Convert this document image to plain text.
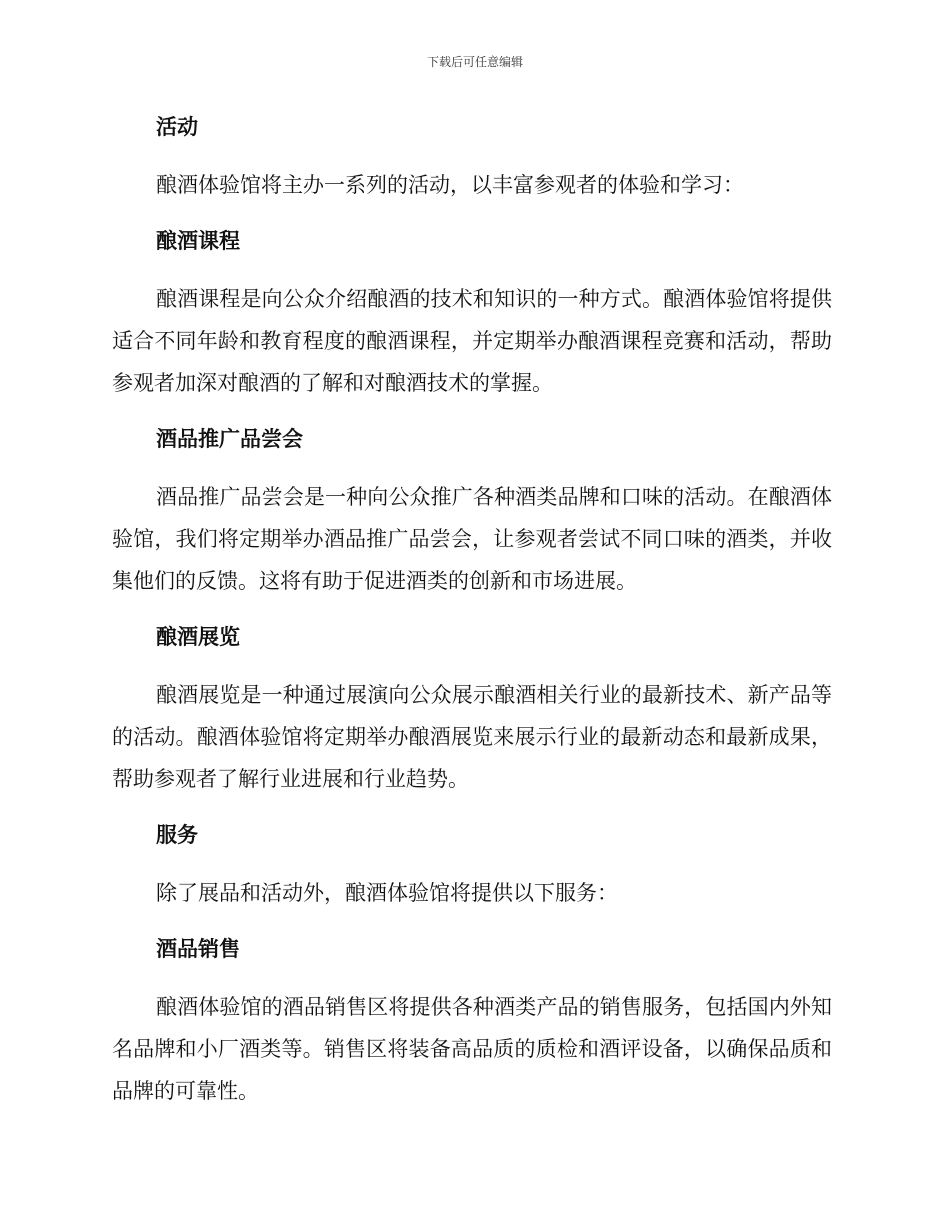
下载后可任意编辑
活动

酿酒体验馆将主办一系列的活动，以丰富参观者的体验和学习：

酿酒课程

酿酒课程是向公众介绍酿酒的技术和知识的一种方式。酿酒体验馆将提供适合不同年龄和教育程度的酿酒课程，并定期举办酿酒课程竞赛和活动，帮助参观者加深对酿酒的了解和对酿酒技术的掌握。

酒品推广品尝会

酒品推广品尝会是一种向公众推广各种酒类品牌和口味的活动。在酿酒体验馆，我们将定期举办酒品推广品尝会，让参观者尝试不同口味的酒类，并收集他们的反馈。这将有助于促进酒类的创新和市场进展。

酿酒展览

酿酒展览是一种通过展演向公众展示酿酒相关行业的最新技术、新产品等的活动。酿酒体验馆将定期举办酿酒展览来展示行业的最新动态和最新成果，帮助参观者了解行业进展和行业趋势。

服务

除了展品和活动外，酿酒体验馆将提供以下服务：

酒品销售

酿酒体验馆的酒品销售区将提供各种酒类产品的销售服务，包括国内外知名品牌和小厂酒类等。销售区将装备高品质的质检和酒评设备，以确保品质和品牌的可靠性。
